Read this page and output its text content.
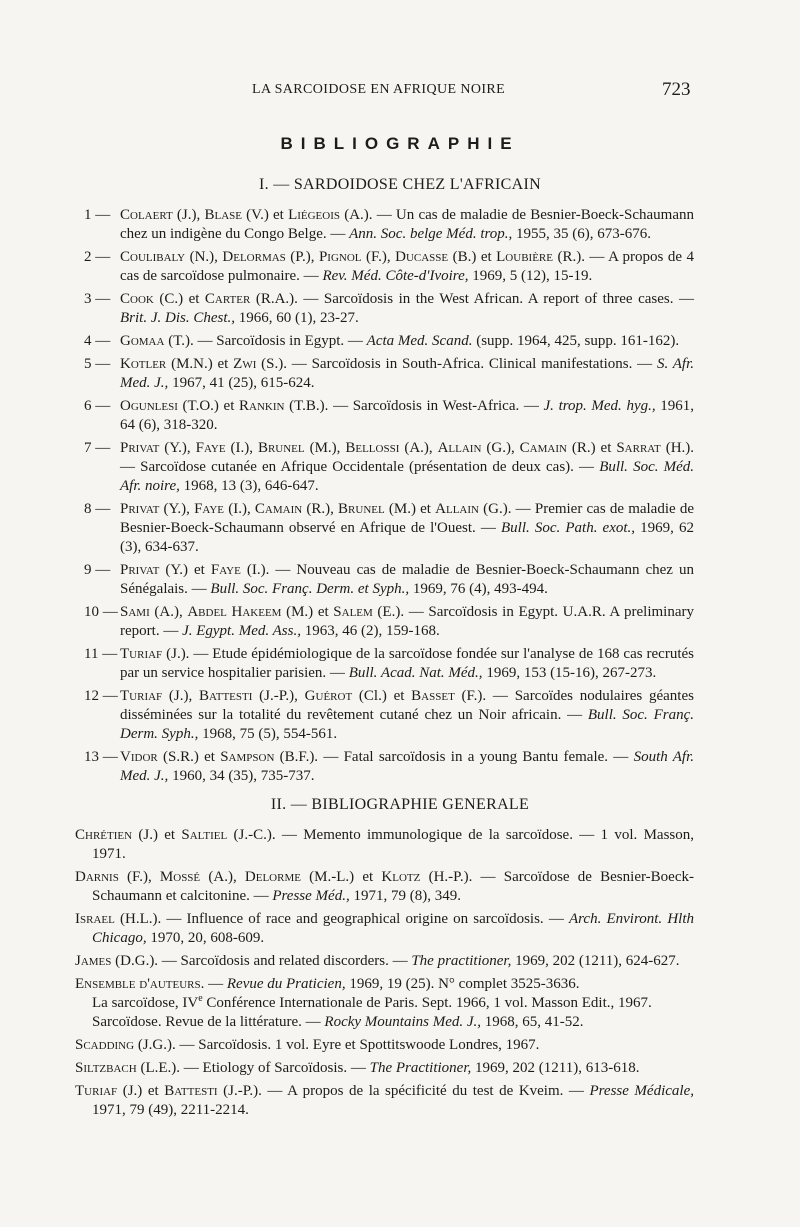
LA SARCOIDOSE EN AFRIQUE NOIRE	723
BIBLIOGRAPHIE
I. — SARDOIDOSE CHEZ L'AFRICAIN
1 — Colaert (J.), Blase (V.) et Liégeois (A.). — Un cas de maladie de Besnier-Boeck-Schaumann chez un indigène du Congo Belge. — Ann. Soc. belge Méd. trop., 1955, 35 (6), 673-676.
2 — Coulibaly (N.), Delormas (P.), Pignol (F.), Ducasse (B.) et Loubière (R.). — A propos de 4 cas de sarcoïdose pulmonaire. — Rev. Méd. Côte-d'Ivoire, 1969, 5 (12), 15-19.
3 — Cook (C.) et Carter (R.A.). — Sarcoïdosis in the West African. A report of three cases. — Brit. J. Dis. Chest., 1966, 60 (1), 23-27.
4 — Gomaa (T.). — Sarcoïdosis in Egypt. — Acta Med. Scand. (supp. 1964, 425, supp. 161-162).
5 — Kotler (M.N.) et Zwi (S.). — Sarcoïdosis in South-Africa. Clinical manifestations. — S. Afr. Med. J., 1967, 41 (25), 615-624.
6 — Ogunlesi (T.O.) et Rankin (T.B.). — Sarcoïdosis in West-Africa. — J. trop. Med. hyg., 1961, 64 (6), 318-320.
7 — Privat (Y.), Faye (I.), Brunel (M.), Bellossi (A.), Allain (G.), Camain (R.) et Sarrat (H.). — Sarcoïdose cutanée en Afrique Occidentale (présentation de deux cas). — Bull. Soc. Méd. Afr. noire, 1968, 13 (3), 646-647.
8 — Privat (Y.), Faye (I.), Camain (R.), Brunel (M.) et Allain (G.). — Premier cas de maladie de Besnier-Boeck-Schaumann observé en Afrique de l'Ouest. — Bull. Soc. Path. exot., 1969, 62 (3), 634-637.
9 — Privat (Y.) et Faye (I.). — Nouveau cas de maladie de Besnier-Boeck-Schaumann chez un Sénégalais. — Bull. Soc. Franç. Derm. et Syph., 1969, 76 (4), 493-494.
10 — Sami (A.), Abdel Hakeem (M.) et Salem (E.). — Sarcoïdosis in Egypt. U.A.R. A preliminary report. — J. Egypt. Med. Ass., 1963, 46 (2), 159-168.
11 — Turiaf (J.). — Etude épidémiologique de la sarcoïdose fondée sur l'analyse de 168 cas recrutés par un service hospitalier parisien. — Bull. Acad. Nat. Méd., 1969, 153 (15-16), 267-273.
12 — Turiaf (J.), Battesti (J.-P.), Guérot (Cl.) et Basset (F.). — Sarcoïdes nodulaires géantes disséminées sur la totalité du revêtement cutané chez un Noir africain. — Bull. Soc. Franç. Derm. Syph., 1968, 75 (5), 554-561.
13 — Vidor (S.R.) et Sampson (B.F.). — Fatal sarcoïdosis in a young Bantu female. — South Afr. Med. J., 1960, 34 (35), 735-737.
II. — BIBLIOGRAPHIE GENERALE
Chrétien (J.) et Saltiel (J.-C.). — Memento immunologique de la sarcoïdose. — 1 vol. Masson, 1971.
Darnis (F.), Mossé (A.), Delorme (M.-L.) et Klotz (H.-P.). — Sarcoïdose de Besnier-Boeck-Schaumann et calcitonine. — Presse Méd., 1971, 79 (8), 349.
Israel (H.L.). — Influence of race and geographical origine on sarcoïdosis. — Arch. Environt. Hlth Chicago, 1970, 20, 608-609.
James (D.G.). — Sarcoïdosis and related discorders. — The practitioner, 1969, 202 (1211), 624-627.
Ensemble d'auteurs. — Revue du Praticien, 1969, 19 (25). N° complet 3525-3636.
La sarcoïdose, IVe Conférence Internationale de Paris. Sept. 1966, 1 vol. Masson Edit., 1967.
Sarcoïdose. Revue de la littérature. — Rocky Mountains Med. J., 1968, 65, 41-52.
Scadding (J.G.). — Sarcoïdosis. 1 vol. Eyre et Spottitswoode Londres, 1967.
Siltzbach (L.E.). — Etiology of Sarcoïdosis. — The Practitioner, 1969, 202 (1211), 613-618.
Turiaf (J.) et Battesti (J.-P.). — A propos de la spécificité du test de Kveim. — Presse Médicale, 1971, 79 (49), 2211-2214.
